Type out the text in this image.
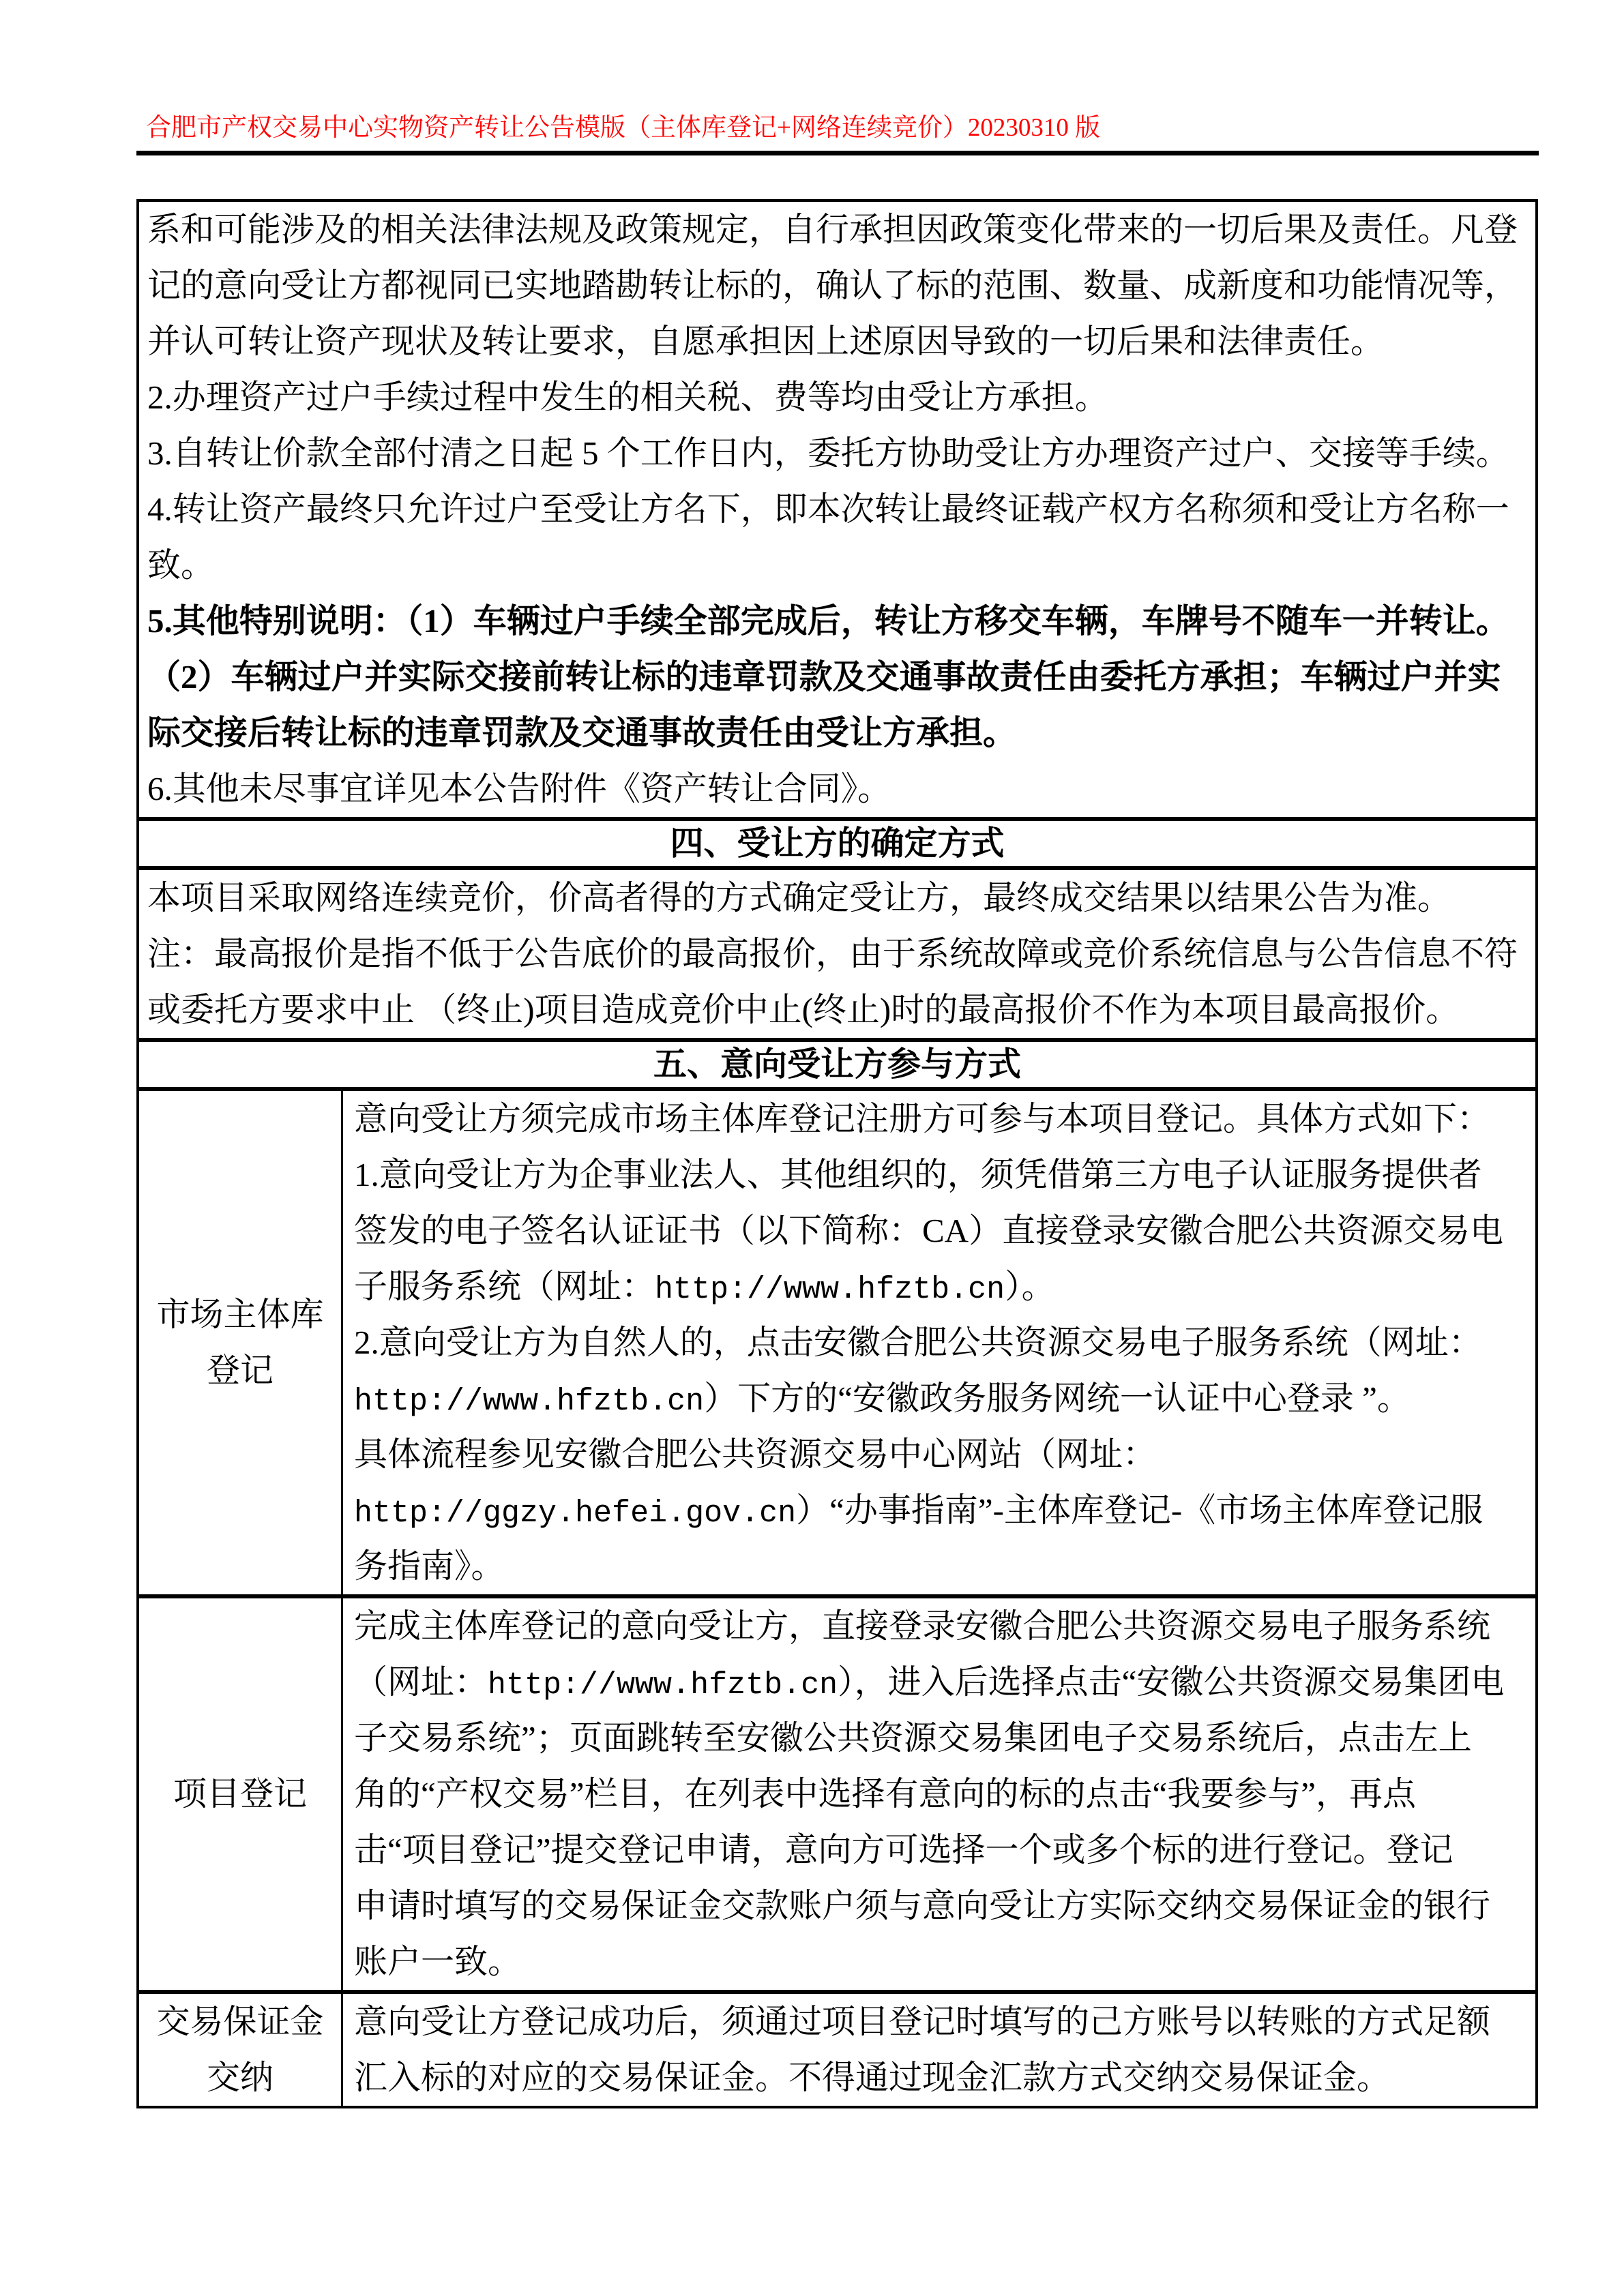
合肥市产权交易中心实物资产转让公告模版（主体库登记+网络连续竞价）20230310 版
系和可能涉及的相关法律法规及政策规定，自行承担因政策变化带来的一切后果及责任。凡登
记的意向受让方都视同已实地踏勘转让标的，确认了标的范围、数量、成新度和功能情况等，
并认可转让资产现状及转让要求，自愿承担因上述原因导致的一切后果和法律责任。
2.办理资产过户手续过程中发生的相关税、费等均由受让方承担。
3.自转让价款全部付清之日起 5 个工作日内，委托方协助受让方办理资产过户、交接等手续。
4.转让资产最终只允许过户至受让方名下，即本次转让最终证载产权方名称须和受让方名称一
致。
5.其他特别说明：（1）车辆过户手续全部完成后，转让方移交车辆，车牌号不随车一并转让。
（2）车辆过户并实际交接前转让标的违章罚款及交通事故责任由委托方承担；车辆过户并实
际交接后转让标的违章罚款及交通事故责任由受让方承担。
6.其他未尽事宜详见本公告附件《资产转让合同》。
四、受让方的确定方式
本项目采取网络连续竞价，价高者得的方式确定受让方，最终成交结果以结果公告为准。
注：最高报价是指不低于公告底价的最高报价，由于系统故障或竞价系统信息与公告信息不符
或委托方要求中止 （终止)项目造成竞价中止(终止)时的最高报价不作为本项目最高报价。
五、意向受让方参与方式
市场主体库
登记
意向受让方须完成市场主体库登记注册方可参与本项目登记。具体方式如下：
1.意向受让方为企事业法人、其他组织的，须凭借第三方电子认证服务提供者
签发的电子签名认证证书（以下简称：CA）直接登录安徽合肥公共资源交易电
子服务系统（网址：http://www.hfztb.cn）。
2.意向受让方为自然人的，点击安徽合肥公共资源交易电子服务系统（网址：
http://www.hfztb.cn）下方的“安徽政务服务网统一认证中心登录 ”。
具体流程参见安徽合肥公共资源交易中心网站（网址：
http://ggzy.hefei.gov.cn）“办事指南”-主体库登记-《市场主体库登记服
务指南》。
项目登记
完成主体库登记的意向受让方，直接登录安徽合肥公共资源交易电子服务系统
（网址：http://www.hfztb.cn），进入后选择点击“安徽公共资源交易集团电
子交易系统”；页面跳转至安徽公共资源交易集团电子交易系统后，点击左上
角的“产权交易”栏目，在列表中选择有意向的标的点击“我要参与”，再点
击“项目登记”提交登记申请，意向方可选择一个或多个标的进行登记。登记
申请时填写的交易保证金交款账户须与意向受让方实际交纳交易保证金的银行
账户一致。
交易保证金
交纳
意向受让方登记成功后，须通过项目登记时填写的己方账号以转账的方式足额
汇入标的对应的交易保证金。不得通过现金汇款方式交纳交易保证金。
